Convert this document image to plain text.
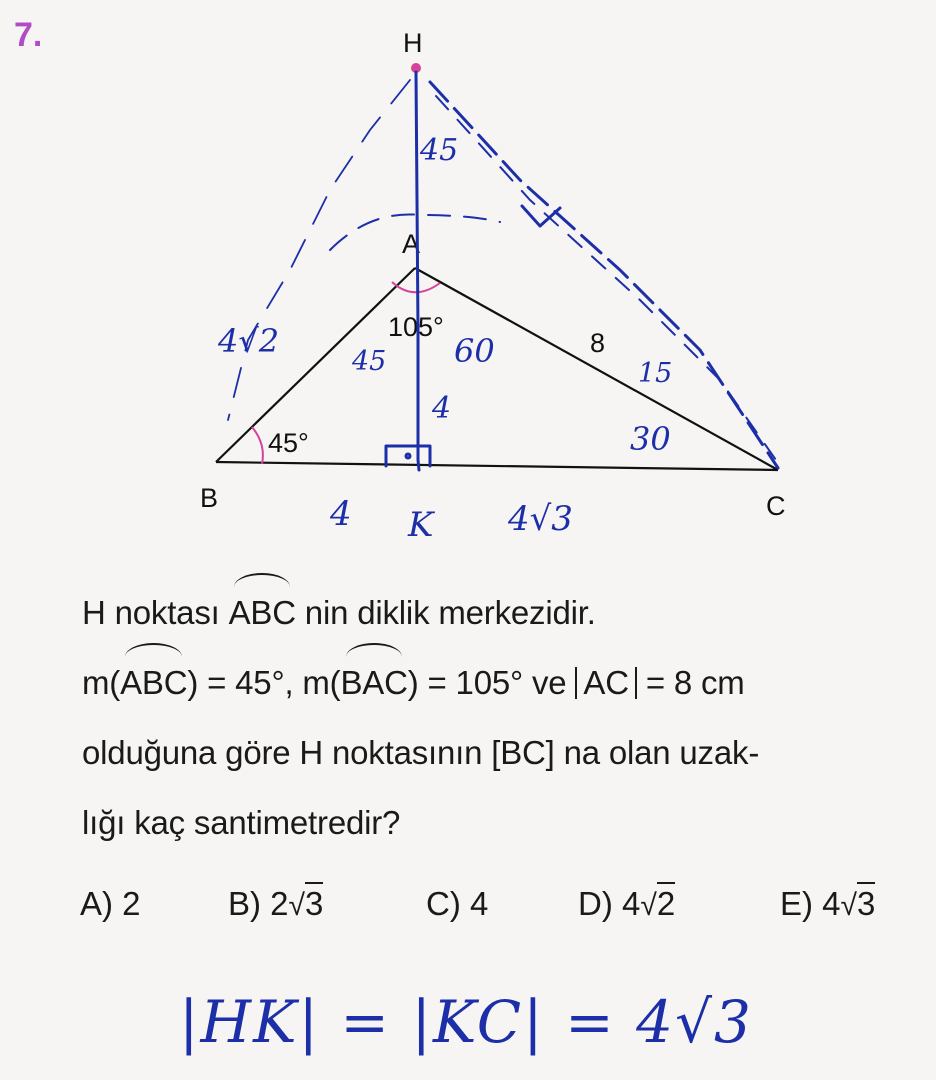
7.	H
A
B	C
45°
105°
8
45
4√2
45 60
4
4 K 4√3
15
30
H noktası ABC nin diklik merkezidir.
m(ABC) = 45°, m(BAC) = 105° ve AC = 8 cm
olduğuna göre H noktasının [BC] na olan uzak-
lığı kaç santimetredir?
A) 2	B) 2√3	C) 4	D) 4√2	E) 4√3
|HK| = |KC| = 4√3
